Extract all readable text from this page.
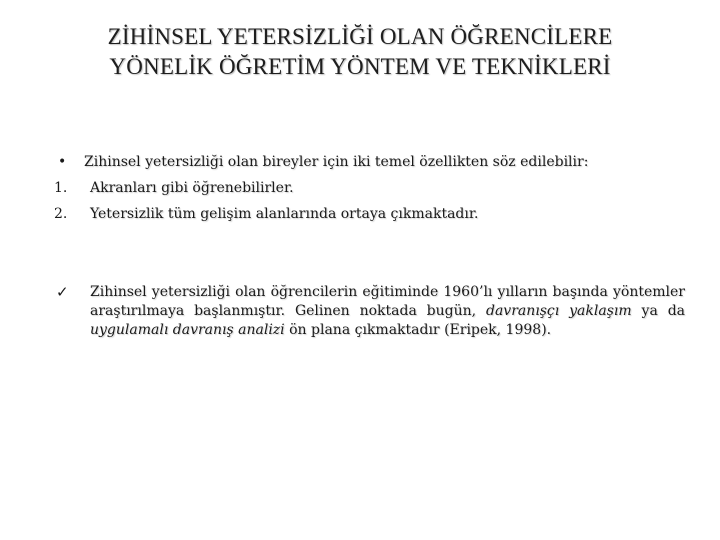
ZİHİNSEL YETERSİZLİĞİ OLAN ÖĞRENCİLERE
YÖNELİK ÖĞRETİM YÖNTEM VE TEKNİKLERİ
• Zihinsel yetersizliği olan bireyler için iki temel özellikten söz edilebilir:
1. Akranları gibi öğrenebilirler.
2. Yetersizlik tüm gelişim alanlarında ortaya çıkmaktadır.
✓ Zihinsel yetersizliği olan öğrencilerin eğitiminde 1960’lı yılların başında yöntemler araştırılmaya başlanmıştır. Gelinen noktada bugün, davranışçı yaklaşım ya da uygulamalı davranış analizi ön plana çıkmaktadır (Eripek, 1998).
